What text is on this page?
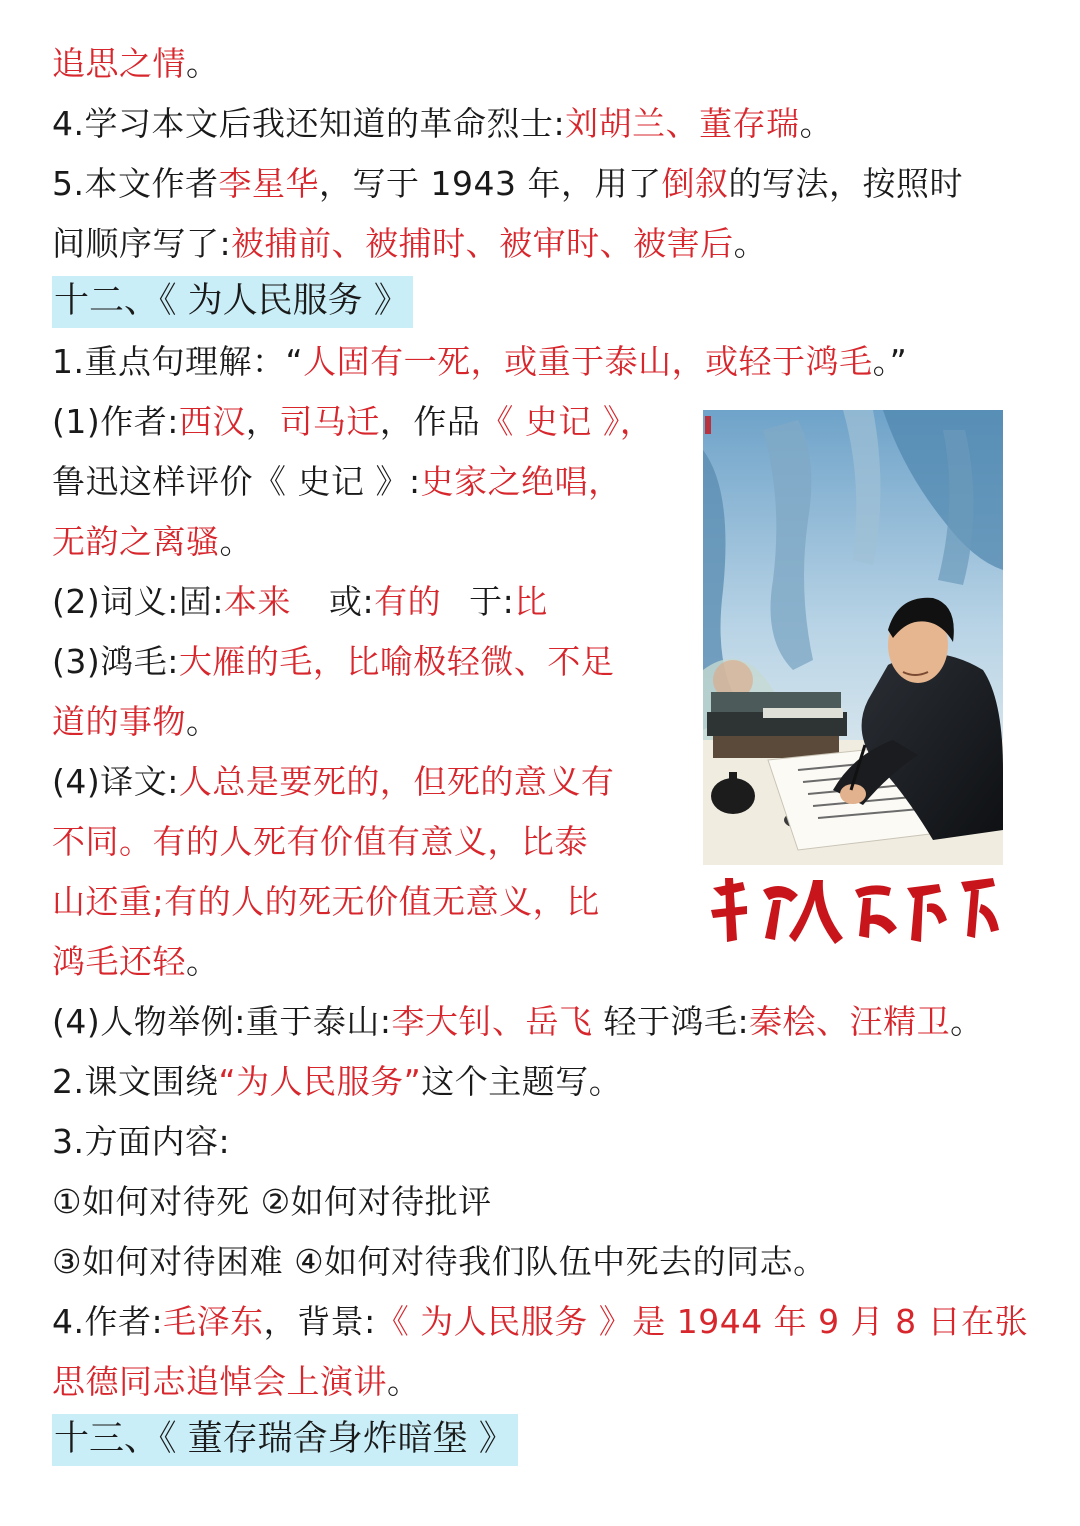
追思之情。
4.学习本文后我还知道的革命烈士:刘胡兰、董存瑞。
5.本文作者李星华，写于 1943 年，用了倒叙的写法，按照时
间顺序写了:被捕前、被捕时、被审时、被害后。
十二、《 为人民服务 》
1.重点句理解：“人固有一死，或重于泰山，或轻于鸿毛。”
(1)作者:西汉，司马迁，作品《 史记 》，
鲁迅这样评价《 史记 》:史家之绝唱，
无韵之离骚。
(2)词义:固:本来 或:有的 于:比
(3)鸿毛:大雁的毛，比喻极轻微、不足
道的事物。
(4)译文:人总是要死的，但死的意义有
不同。有的人死有价值有意义，比泰
山还重;有的人的死无价值无意义，比
鸿毛还轻。
(4)人物举例:重于泰山:李大钊、岳飞 轻于鸿毛:秦桧、汪精卫。
2.课文围绕“为人民服务”这个主题写。
3.方面内容:
①如何对待死 ②如何对待批评
③如何对待困难 ④如何对待我们队伍中死去的同志。
4.作者:毛泽东，背景:《 为人民服务 》是 1944 年 9 月 8 日在张
思德同志追悼会上演讲。
十三、《 董存瑞舍身炸暗堡 》
